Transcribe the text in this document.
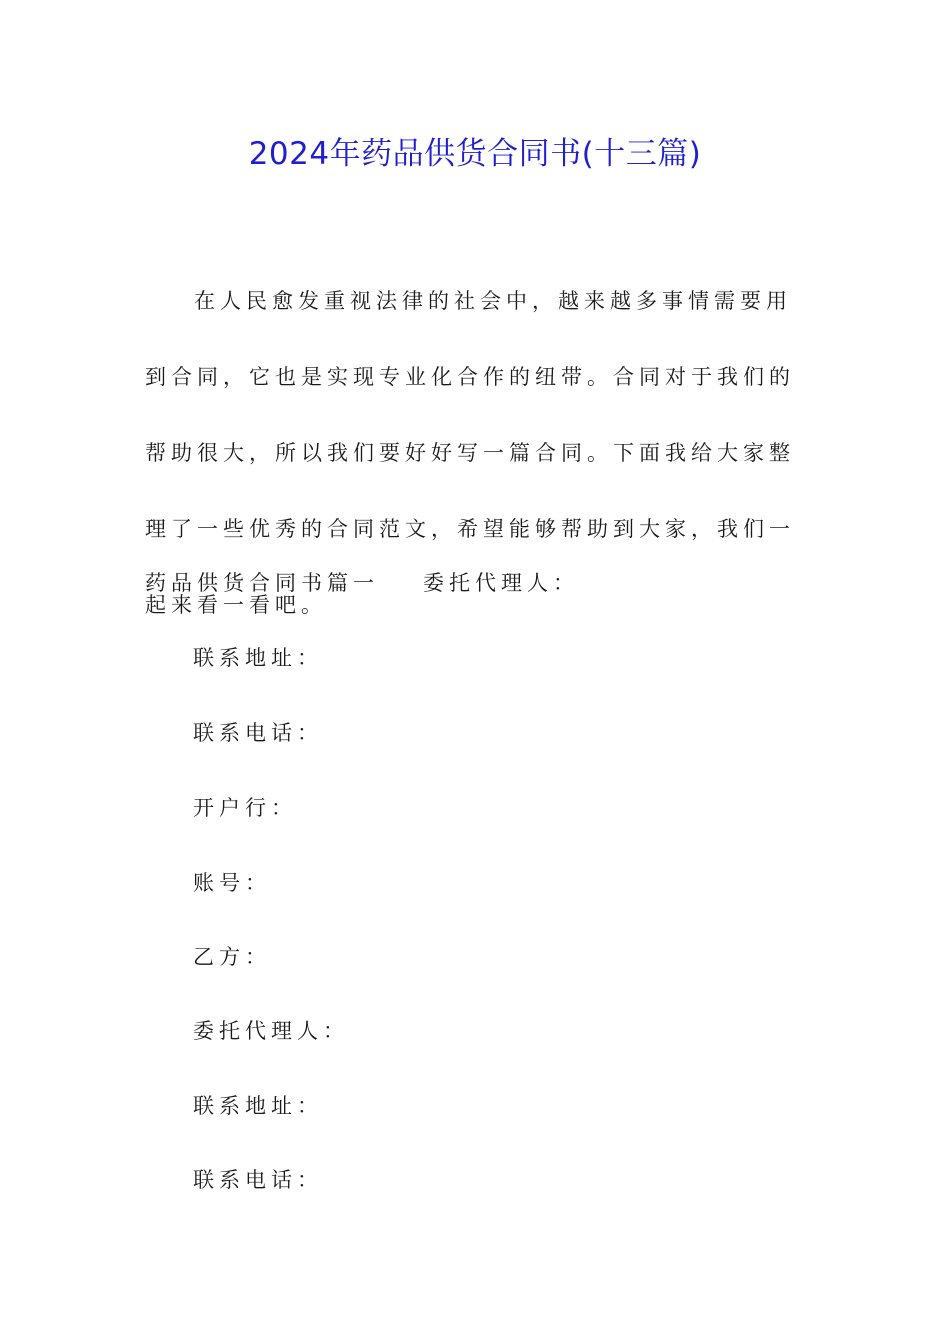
2024年药品供货合同书(十三篇)

在人民愈发重视法律的社会中，越来越多事情需要用到合同，它也是实现专业化合作的纽带。合同对于我们的帮助很大，所以我们要好好写一篇合同。下面我给大家整理了一些优秀的合同范文，希望能够帮助到大家，我们一起来看一看吧。

药品供货合同书篇一 委托代理人：

联系地址：

联系电话：

开户行：

账号：

乙方：

委托代理人：

联系地址：

联系电话：
